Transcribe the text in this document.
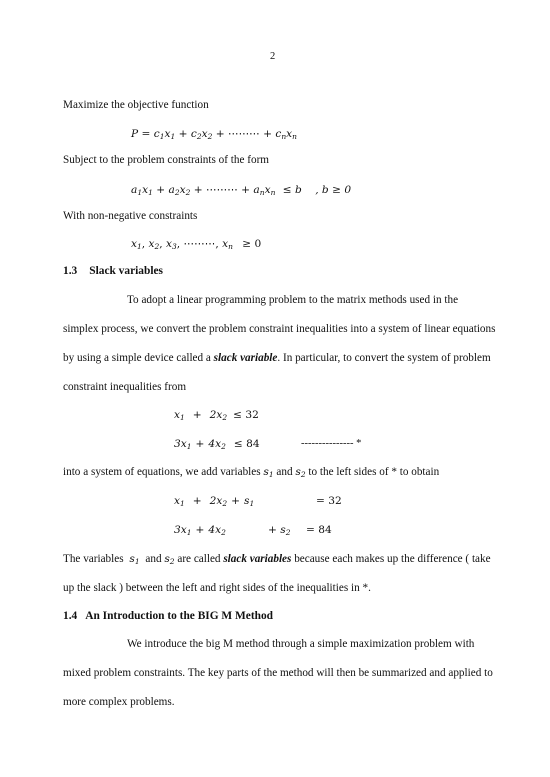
2
Maximize the objective function
$P = c_1x_1 + c_2x_2$ + ⋯⋯⋯ + $c_nx_n$
Subject to the problem constraints of the form
$a_1x_1 + a_2x_2$ + ⋯⋯⋯ + $a_nx_n \le b$ , b ≥ 0
With non-negative constraints
$x_1$, $x_2$, $x_3$, ⋯⋯⋯, $x_n \ge 0$
1.3 Slack variables
To adopt a linear programming problem to the matrix methods used in the
simplex process, we convert the problem constraint inequalities into a system of linear equations
by using a simple device called a slack variable. In particular, to convert the system of problem
constraint inequalities from
$x_1 + 2x_2 \le 32$
$3x_1 + 4x_2 \le 84$	--------------- *
into a system of equations, we add variables $s_1$ and $s_2$ to the left sides of * to obtain
$x_1 + 2x_2 + s_1$	= 32
$3x_1 + 4x_2$	+ $s_2 = 84$
The variables $s_1$ and $s_2$ are called slack variables because each makes up the difference ( take
up the slack ) between the left and right sides of the inequalities in *.
1.4 An Introduction to the BIG M Method
We introduce the big M method through a simple maximization problem with
mixed problem constraints. The key parts of the method will then be summarized and applied to
more complex problems.
